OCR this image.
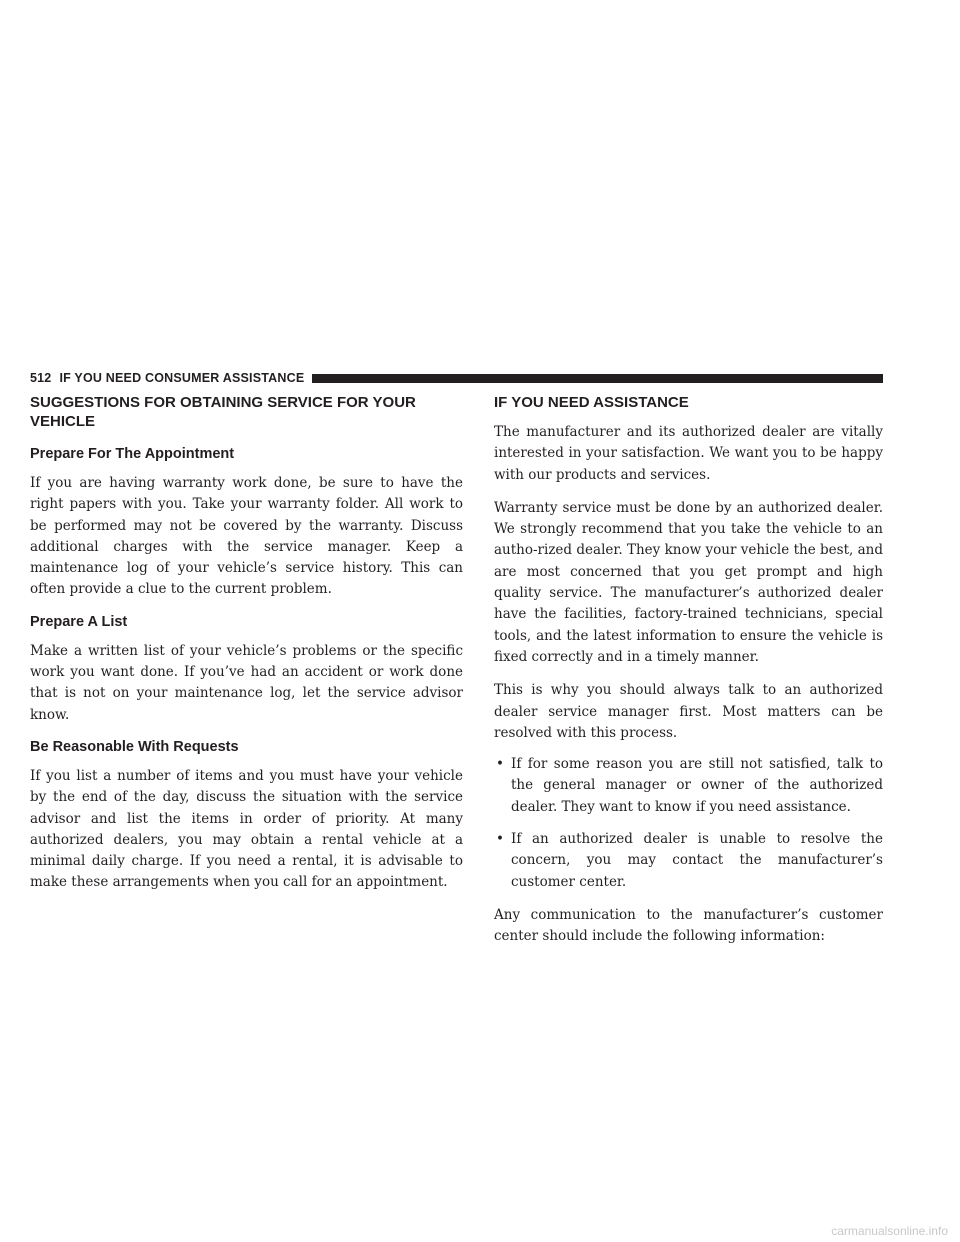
512 IF YOU NEED CONSUMER ASSISTANCE
SUGGESTIONS FOR OBTAINING SERVICE FOR YOUR VEHICLE
Prepare For The Appointment

If you are having warranty work done, be sure to have the right papers with you. Take your warranty folder. All work to be performed may not be covered by the warranty. Discuss additional charges with the service manager. Keep a maintenance log of your vehicle’s service history. This can often provide a clue to the current problem.

Prepare A List

Make a written list of your vehicle’s problems or the specific work you want done. If you’ve had an accident or work done that is not on your maintenance log, let the service advisor know.

Be Reasonable With Requests

If you list a number of items and you must have your vehicle by the end of the day, discuss the situation with the service advisor and list the items in order of priority. At many authorized dealers, you may obtain a rental vehicle at a minimal daily charge. If you need a rental, it is advisable to make these arrangements when you call for an appointment.

IF YOU NEED ASSISTANCE

The manufacturer and its authorized dealer are vitally interested in your satisfaction. We want you to be happy with our products and services.

Warranty service must be done by an authorized dealer. We strongly recommend that you take the vehicle to an autho-rized dealer. They know your vehicle the best, and are most concerned that you get prompt and high quality service. The manufacturer’s authorized dealer have the facilities, factory-trained technicians, special tools, and the latest information to ensure the vehicle is fixed correctly and in a timely manner.

This is why you should always talk to an authorized dealer service manager first. Most matters can be resolved with this process.

• If for some reason you are still not satisfied, talk to the general manager or owner of the authorized dealer. They want to know if you need assistance.
• If an authorized dealer is unable to resolve the concern, you may contact the manufacturer’s customer center.

Any communication to the manufacturer’s customer center should include the following information:

carmanualsonline.info
